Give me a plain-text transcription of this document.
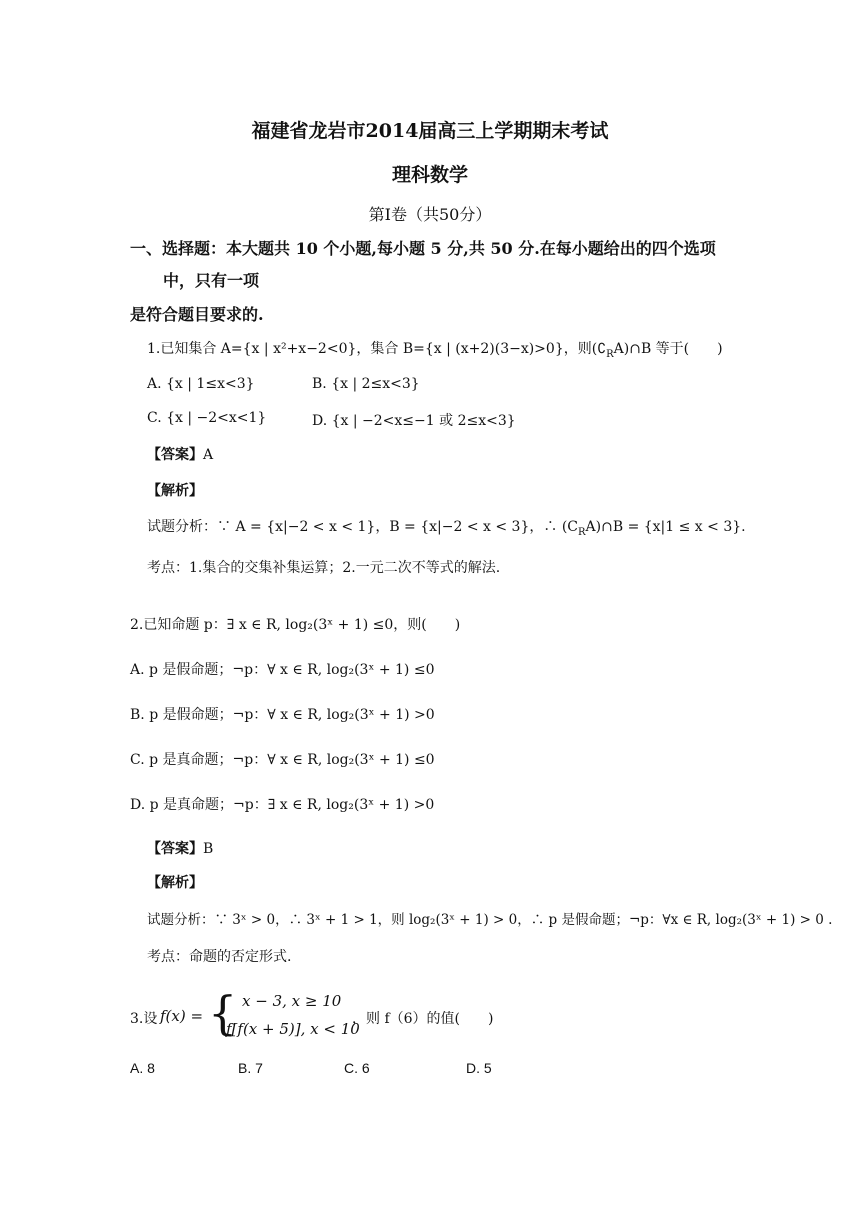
福建省龙岩市2014届高三上学期期末考试
理科数学
第Ⅰ卷（共50分）
一、选择题：本大题共 10 个小题,每小题 5 分,共 50 分.在每小题给出的四个选项
中，只有一项
是符合题目要求的.
1.已知集合 A={x | x²+x−2<0}，集合 B={x | (x+2)(3−x)>0}，则$(∁_RA)\cap B$ 等于(　　)
A. {x | 1≤x<3}	B. {x | 2≤x<3}
C. {x | −2<x<1}	D. {x | −2<x≤−1 或 2≤x<3}
【答案】A
【解析】
试题分析：∵ A = {x|−2 < x < 1}，B = {x|−2 < x < 3}，∴ $(C_RA)\cap B = \{x|1 \le x < 3\}$.
考点：1.集合的交集补集运算；2.一元二次不等式的解法.
2.已知命题 p：∃ x ∈ R, log₂(3ˣ + 1) ≤0，则(　　)
A. p 是假命题；¬p：∀ x ∈ R, log₂(3ˣ + 1) ≤0
B. p 是假命题；¬p：∀ x ∈ R, log₂(3ˣ + 1) >0
C. p 是真命题；¬p：∀ x ∈ R, log₂(3ˣ + 1) ≤0
D. p 是真命题；¬p：∃ x ∈ R, log₂(3ˣ + 1) >0
【答案】B
【解析】
试题分析：∵ 3ˣ > 0，∴ 3ˣ + 1 > 1，则 log₂(3ˣ + 1) > 0，∴ p 是假命题；¬p：∀x ∈ R, log₂(3ˣ + 1) > 0 .
考点：命题的否定形式.
3.设 f(x) = { x − 3, x ≥ 10
f[f(x + 5)], x < 10
，则 f（6）的值(　　)
A. 8	B. 7	C. 6	D. 5
